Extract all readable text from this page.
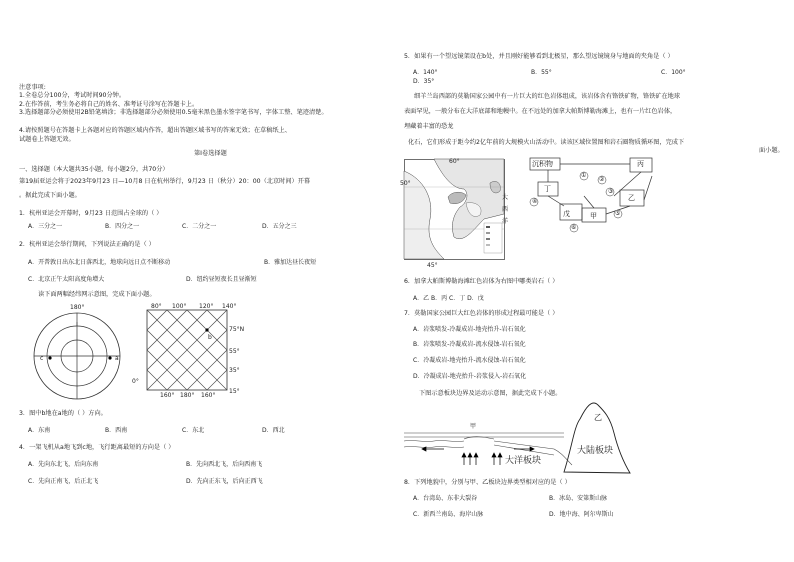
注意事项:
1.全卷总分100分，考试时间90分钟。
2.在作答前，考生务必将自己的姓名、准考证号涂写在答题卡上。
3.选择题部分必须使用2B铅笔填涂；非选择题部分必须使用0.5毫米黑色墨水签字笔书写，字体工整、笔迹清楚。
4.请按照题号在答题卡上各题对应的答题区域内作答，超出答题区域书写的答案无效；在草稿纸上、
试题卷上答题无效。
第Ⅰ卷选择题
一、选择题（本大题共35小题，每小题2分，共70分）
第19届亚运会将于2023年9月23 日—10月8 日在杭州举行，9月23 日（秋分）20：00（北京时间）开幕
。据此完成下面小题。
1．杭州亚运会开幕时，9月23 日范围占全球的（ ）
A．三分之一	B．四分之一	C．二分之一	D．五分之三
2．杭州亚运会举行期间，下列说法正确的是（ ）
A．开普敦日出东北日落西北，地球向远日点不断移动	B．雅加达昼长夜短
C．北京正午太阳高度角增大	D．纽约昼短夜长且昼渐短
读下面两幅经纬网示意图，完成下面小题。
180°
0°
c	a
80° 100° 120° 140°
160° 180° 160°
75°N
55°
35°
15°
b
3．图中b地在a地的（ ）方向。
A．东南	B．西南	C．东北	D．西北
4．一架飞机从a地飞到c地，飞行距离最短的方向是（ ）
A．先向东北飞，后向东南	B．先向西北飞，后向西南飞
C．先向正南飞，后正北飞	D．先向正东飞，后向正西飞
5．如果有一个望远镜架设在b处，并且刚好能够看到北极星，那么望远镜镜身与地面的夹角是（ ）
A．140°	B．55°	C．100°
D．35°
细羊兰岛西部的莫勒国家公园中有一片巨大的红色岩体组成，该岩体含有铬铁矿物，铬铁矿在地球
表面罕见，一般分布在大洋底部和地幔中。在不远处的加拿大帕斯博勒海滩上，也有一片红色岩体，
埋藏着丰富的恐龙
化石，它们形成于距今约2亿年前的大规模火山活动中。读该区域位置图和岩石圈物质循环图，完成下
面小题。
50°
45°
60°
大
西
洋
沉积物	丙
丁
乙
戊	甲
①
②
③
④
⑤
⑥
6．加拿大帕斯博勒海滩红色岩体为右图中哪类岩石（ ）
A．乙 B．丙 C．丁 D．戊
7．莫勒国家公园巨大红色岩体的形成过程最可能是（ ）
A．岩浆喷发-冷凝成岩-地壳抬升-岩石氧化
B．岩浆喷发-冷凝成岩-流水侵蚀-岩石氧化
C．冷凝成岩-地壳抬升-流水侵蚀-岩石氧化
D．冷凝成岩-地壳抬升-岩浆侵入-岩石氧化
下图示意板块边界及运动示意图，据此完成下小题。
甲
乙
大洋板块
大陆板块
8．下列地貌中，分别与甲、乙板块边界类型相对应的是（ ）
A．台湾岛、东非大裂谷	B．冰岛、安第斯山脉
C．新西兰南岛、海岸山脉	D．地中海、阿尔卑斯山
